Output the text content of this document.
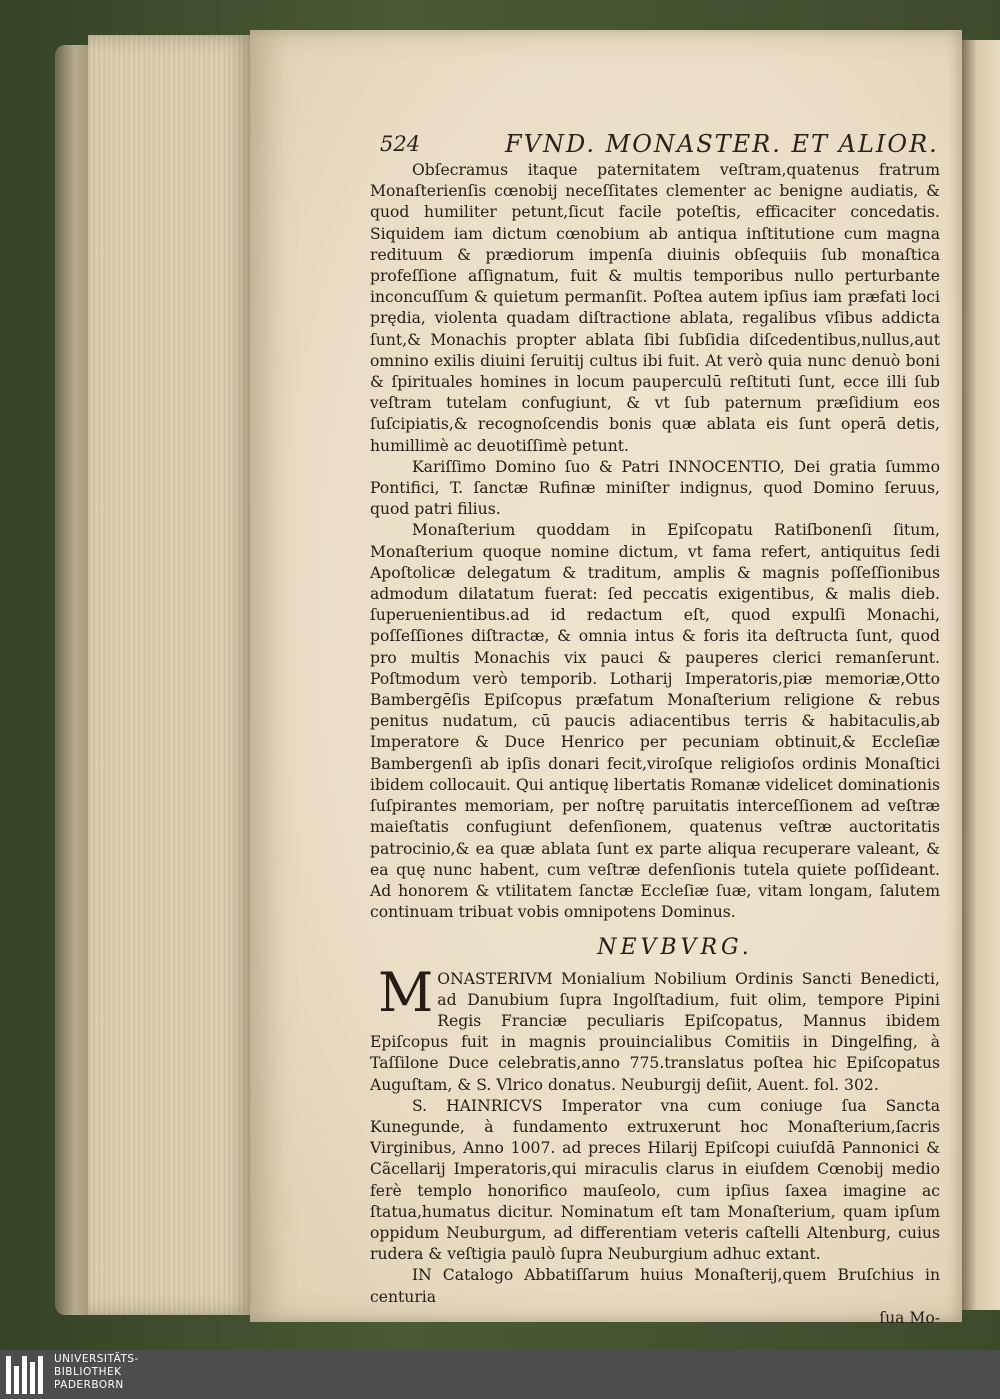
524	FVND. MONASTER. ET ALIOR.

Obſecramus itaque paternitatem veſtram,quatenus fratrum Monaſterienſis cœnobij neceſſitates clementer ac benigne audiatis, & quod humiliter petunt,ſicut facile poteſtis, efficaciter concedatis. Siquidem iam dictum cœnobium ab antiqua inſtitutione cum magna redituum & prædiorum impenſa diuinis obſequiis ſub monaſtica profeſſione aſſignatum, fuit & multis temporibus nullo perturbante inconcuſſum & quietum permanſit. Poſtea autem ipſius iam præfati loci prędia, violenta quadam diſtractione ablata, regalibus vſibus addicta ſunt,& Monachis propter ablata ſibi ſubſidia diſcedentibus,nullus,aut omnino exilis diuini ſeruitij cultus ibi fuit. At verò quia nunc denuò boni & ſpirituales homines in locum pauperculū reſtituti ſunt, ecce illi ſub veſtram tutelam confugiunt, & vt ſub paternum præſidium eos ſuſcipiatis,& recognoſcendis bonis quæ ablata eis ſunt operā detis, humillimè ac deuotiſſimè petunt.

Kariſſimo Domino ſuo & Patri INNOCENTIO, Dei gratia ſummo Pontifici, T. ſanctæ Rufinæ miniſter indignus, quod Domino ſeruus, quod patri filius.

Monaſterium quoddam in Epiſcopatu Ratiſbonenſi ſitum, Monaſterium quoque nomine dictum, vt fama refert, antiquitus ſedi Apoſtolicæ delegatum & traditum, amplis & magnis poſſeſſionibus admodum dilatatum fuerat: ſed peccatis exigentibus, & malis dieb. ſuperuenientibus.ad id redactum eſt, quod expulſi Monachi, poſſeſſiones diſtractæ, & omnia intus & foris ita deſtructa ſunt, quod pro multis Monachis vix pauci & pauperes clerici remanſerunt. Poſtmodum verò temporib. Lotharij Imperatoris,piæ memoriæ,Otto Bambergēſis Epiſcopus præfatum Monaſterium religione & rebus penitus nudatum, cū paucis adiacentibus terris & habitaculis,ab Imperatore & Duce Henrico per pecuniam obtinuit,& Eccleſiæ Bambergenſi ab ipſis donari fecit,viroſque religioſos ordinis Monaſtici ibidem collocauit. Qui antiquę libertatis Romanæ videlicet dominationis ſuſpirantes memoriam, per noſtrę paruitatis interceſſionem ad veſtræ maieſtatis confugiunt defenſionem, quatenus veſtræ auctoritatis patrocinio,& ea quæ ablata ſunt ex parte aliqua recuperare valeant, & ea quę nunc habent, cum veſtræ defenſionis tutela quiete poſſideant. Ad honorem & vtilitatem ſanctæ Eccleſiæ ſuæ, vitam longam, ſalutem continuam tribuat vobis omnipotens Dominus.

NEVBVRG.

M ONASTERIVM Monialium Nobilium Ordinis Sancti Benedicti, ad Danubium ſupra Ingolſtadium, fuit olim, tempore Pipini Regis Franciæ peculiaris Epiſcopatus, Mannus ibidem Epiſcopus fuit in magnis prouincialibus Comitiis in Dingelfing, à Taſſilone Duce celebratis,anno 775.translatus poſtea hic Epiſcopatus Auguſtam, & S. Vlrico donatus. Neuburgij deſiit, Auent. fol. 302.

S. HAINRICVS Imperator vna cum coniuge ſua Sancta Kunegunde, à fundamento extruxerunt hoc Monaſterium,ſacris Virginibus, Anno 1007. ad preces Hilarij Epiſcopi cuiuſdā Pannonici & Cãcellarij Imperatoris,qui miraculis clarus in eiuſdem Cœnobij medio ferè templo honorifico mauſeolo, cum ipſius ſaxea imagine ac ſtatua,humatus dicitur. Nominatum eſt tam Monaſterium, quam ipſum oppidum Neuburgum, ad differentiam veteris caſtelli Altenburg, cuius rudera & veſtigia paulò ſupra Neuburgium adhuc extant.

IN Catalogo Abbatiſſarum huius Monaſterij,quem Bruſchius in centuria

ſua Mo-

UNIVERSITÄTS-
BIBLIOTHEK
PADERBORN
